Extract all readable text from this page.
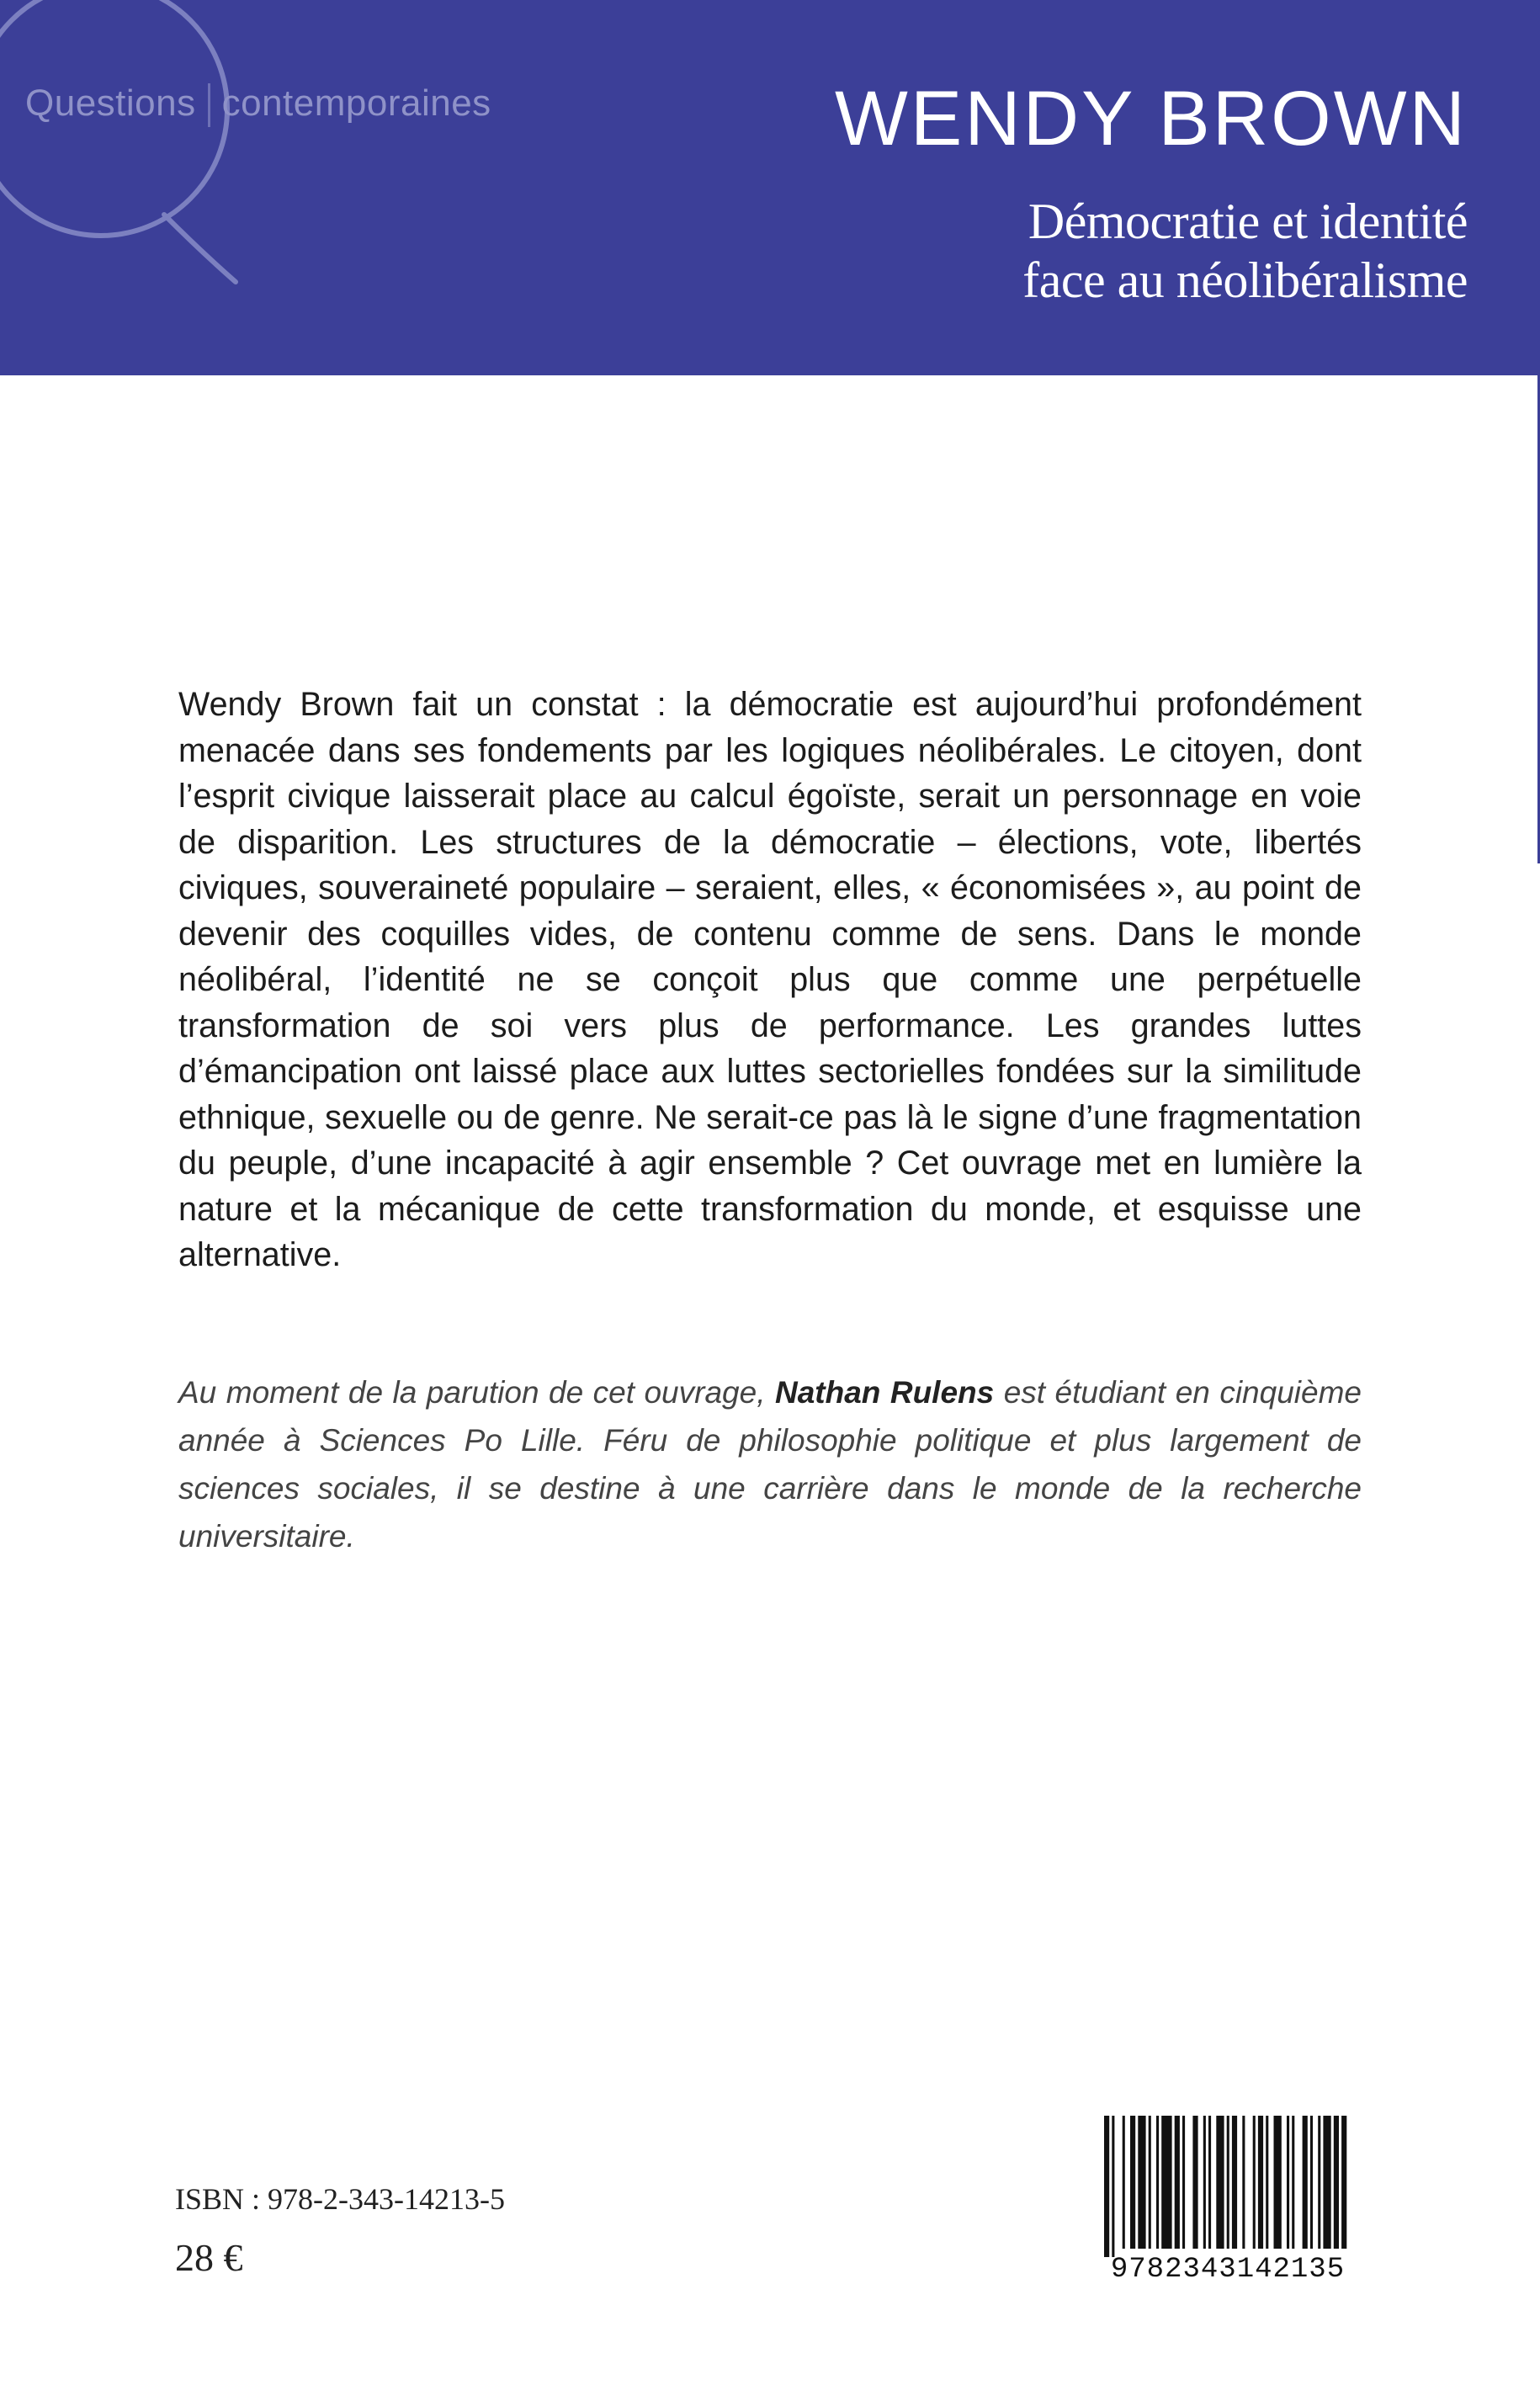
Questions contemporaines	WENDY BROWN
Démocratie et identité
face au néolibéralisme
Wendy Brown fait un constat : la démocratie est aujourd’hui profondément menacée dans ses fondements par les logiques néolibérales. Le citoyen, dont l’esprit civique laisserait place au calcul égoïste, serait un personnage en voie de disparition. Les structures de la démocratie – élections, vote, libertés civiques, souveraineté populaire – seraient, elles, « économisées », au point de devenir des coquilles vides, de contenu comme de sens. Dans le monde néolibéral, l’identité ne se conçoit plus que comme une perpétuelle transformation de soi vers plus de performance. Les grandes luttes d’émancipation ont laissé place aux luttes sectorielles fondées sur la similitude ethnique, sexuelle ou de genre. Ne serait-ce pas là le signe d’une fragmentation du peuple, d’une incapacité à agir ensemble ? Cet ouvrage met en lumière la nature et la mécanique de cette transformation du monde, et esquisse une alternative.
Au moment de la parution de cet ouvrage, Nathan Rulens est étudiant en cinquième année à Sciences Po Lille. Féru de philosophie politique et plus largement de sciences sociales, il se destine à une carrière dans le monde de la recherche universitaire.
ISBN : 978-2-343-14213-5
28 €	9782343142135
